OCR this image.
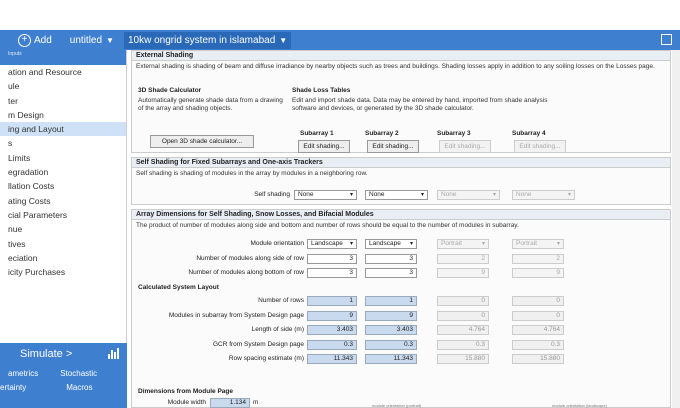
+ Add untitled ▼ 10kw ongrid system in islamabad ▼
Inputs
ation and Resource
ule
ter
m Design
ing and Layout
s
Limits
egradation
llation Costs
ating Costs
cial Parameters
nue
tives
eciation
icity Purchases
Simulate >
ametrics	Stochastic
ertainty	Macros
External Shading
External shading is shading of beam and diffuse irradiance by nearby objects such as trees and buildings. Shading losses apply in addition to any soiling losses on the Losses page.
3D Shade Calculator
Automatically generate shade data from a drawing of the array and shading objects.
Open 3D shade calculator...
Shade Loss Tables
Edit and import shade data. Data may be entered by hand, imported from shade analysis software and devices, or generated by the 3D shade calculator.
Subarray 1	Subarray 2	Subarray 3	Subarray 4
Edit shading...	Edit shading...	Edit shading...	Edit shading...
Self Shading for Fixed Subarrays and One-axis Trackers
Self shading is shading of modules in the array by modules in a neighboring row.
Self shading	None ▾	None ▾	None ▾	None ▾
Array Dimensions for Self Shading, Snow Losses, and Bifacial Modules
The product of number of modules along side and bottom and number of rows should be equal to the number of modules in subarray.
Module orientation	Landscape ▾	Landscape ▾	Portrait ▾	Portrait ▾
Number of modules along side of row	3	3	2	2
Number of modules along bottom of row	3	3	9	9
Calculated System Layout
Number of rows	1	1	0	0
Modules in subarray from System Design page	9	9	0	0
Length of side (m)	3.403	3.403	4.764	4.764
GCR from System Design page	0.3	0.3	0.3	0.3
Row spacing estimate (m)	11.343	11.343	15.880	15.880
Dimensions from Module Page
Module width	1.134	m	module orientation (portrait)	module orientation (landscape)
